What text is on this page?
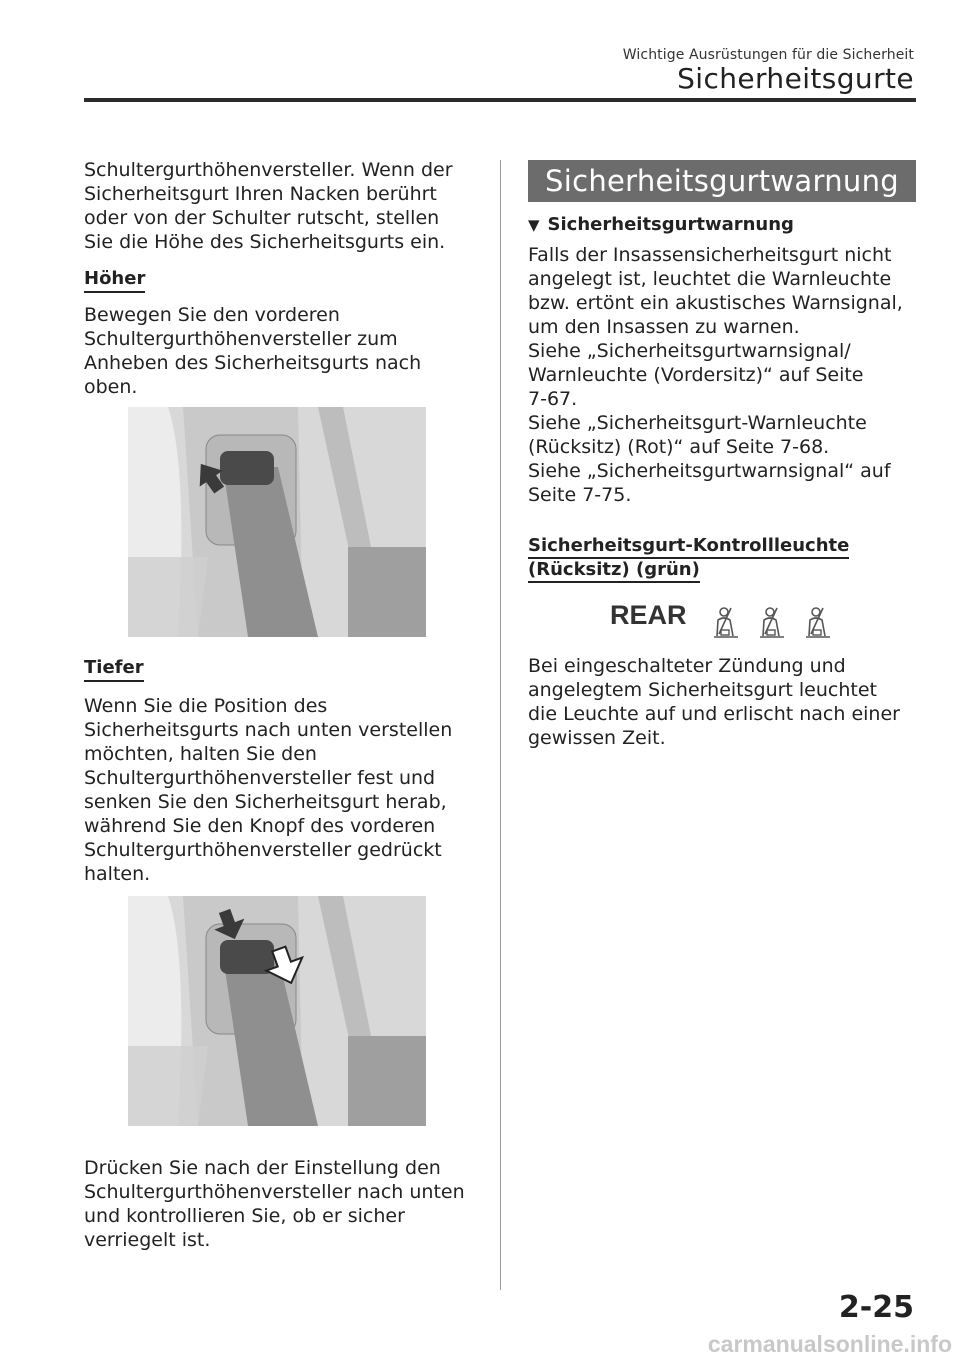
Wichtige Ausrüstungen für die Sicherheit
Sicherheitsgurte

Schultergurthöhenversteller. Wenn der
Sicherheitsgurt Ihren Nacken berührt
oder von der Schulter rutscht, stellen
Sie die Höhe des Sicherheitsgurts ein.

Höher

Bewegen Sie den vorderen
Schultergurthöhenversteller zum
Anheben des Sicherheitsgurts nach
oben.

Tiefer

Wenn Sie die Position des
Sicherheitsgurts nach unten verstellen
möchten, halten Sie den
Schultergurthöhenversteller fest und
senken Sie den Sicherheitsgurt herab,
während Sie den Knopf des vorderen
Schultergurthöhenversteller gedrückt
halten.

Drücken Sie nach der Einstellung den
Schultergurthöhenversteller nach unten
und kontrollieren Sie, ob er sicher
verriegelt ist.

Sicherheitsgurtwarnung
▼ Sicherheitsgurtwarnung

Falls der Insassensicherheitsgurt nicht
angelegt ist, leuchtet die Warnleuchte
bzw. ertönt ein akustisches Warnsignal,
um den Insassen zu warnen.
Siehe „Sicherheitsgurtwarnsignal/
Warnleuchte (Vordersitz)“ auf Seite
7-67.
Siehe „Sicherheitsgurt-Warnleuchte
(Rücksitz) (Rot)“ auf Seite 7-68.
Siehe „Sicherheitsgurtwarnsignal“ auf
Seite 7-75.

Sicherheitsgurt-Kontrollleuchte
(Rücksitz) (grün)
REAR

Bei eingeschalteter Zündung und
angelegtem Sicherheitsgurt leuchtet
die Leuchte auf und erlischt nach einer
gewissen Zeit.

2-25
carmanualsonline.info
